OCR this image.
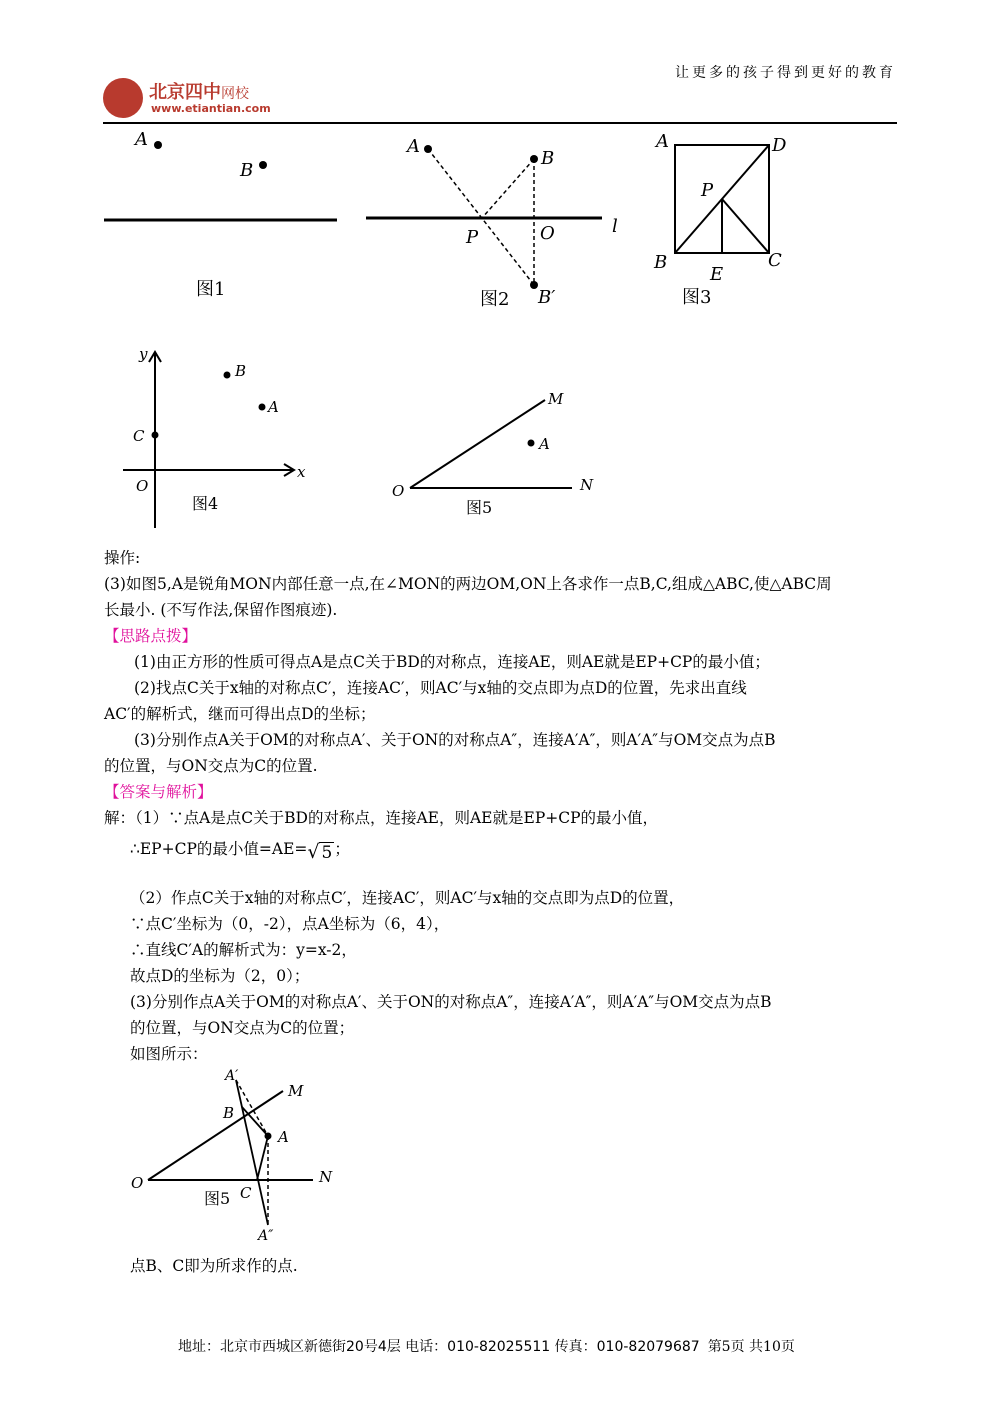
北京四中网校
www.etiantian.com
让更多的孩子得到更好的教育
A
B
图1
A
B
P	O	l
B′
图2
A	D
P
B
E
C
图3
y
B
A
C
O
x
图4
M
A
O	N
图5
操作:
(3)如图5,A是锐角MON内部任意一点,在∠MON的两边OM,ON上各求作一点B,C,组成△ABC,使△ABC周
长最小. (不写作法,保留作图痕迹).
【思路点拨】
(1)由正方形的性质可得点A是点C关于BD的对称点，连接AE，则AE就是EP+CP的最小值；
(2)找点C关于x轴的对称点C′，连接AC′，则AC′与x轴的交点即为点D的位置，先求出直线
AC′的解析式，继而可得出点D的坐标；
(3)分别作点A关于OM的对称点A′、关于ON的对称点A″，连接A′A″，则A′A″与OM交点为点B
的位置，与ON交点为C的位置.
【答案与解析】
解：（1）∵点A是点C关于BD的对称点，连接AE，则AE就是EP+CP的最小值，
∴EP+CP的最小值=AE=√ 5 ；
（2）作点C关于x轴的对称点C′，连接AC′，则AC′与x轴的交点即为点D的位置，
∵点C′坐标为（0，-2），点A坐标为（6，4），
∴直线C′A的解析式为：y=x-2，
故点D的坐标为（2，0）；
(3)分别作点A关于OM的对称点A′、关于ON的对称点A″，连接A′A″，则A′A″与OM交点为点B
的位置，与ON交点为C的位置；
如图所示：
A′
M
B
A
O	N
C
A″
图5
点B、C即为所求作的点.
地址：北京市西城区新德街20号4层 电话：010-82025511 传真：010-82079687 第5页 共10页
